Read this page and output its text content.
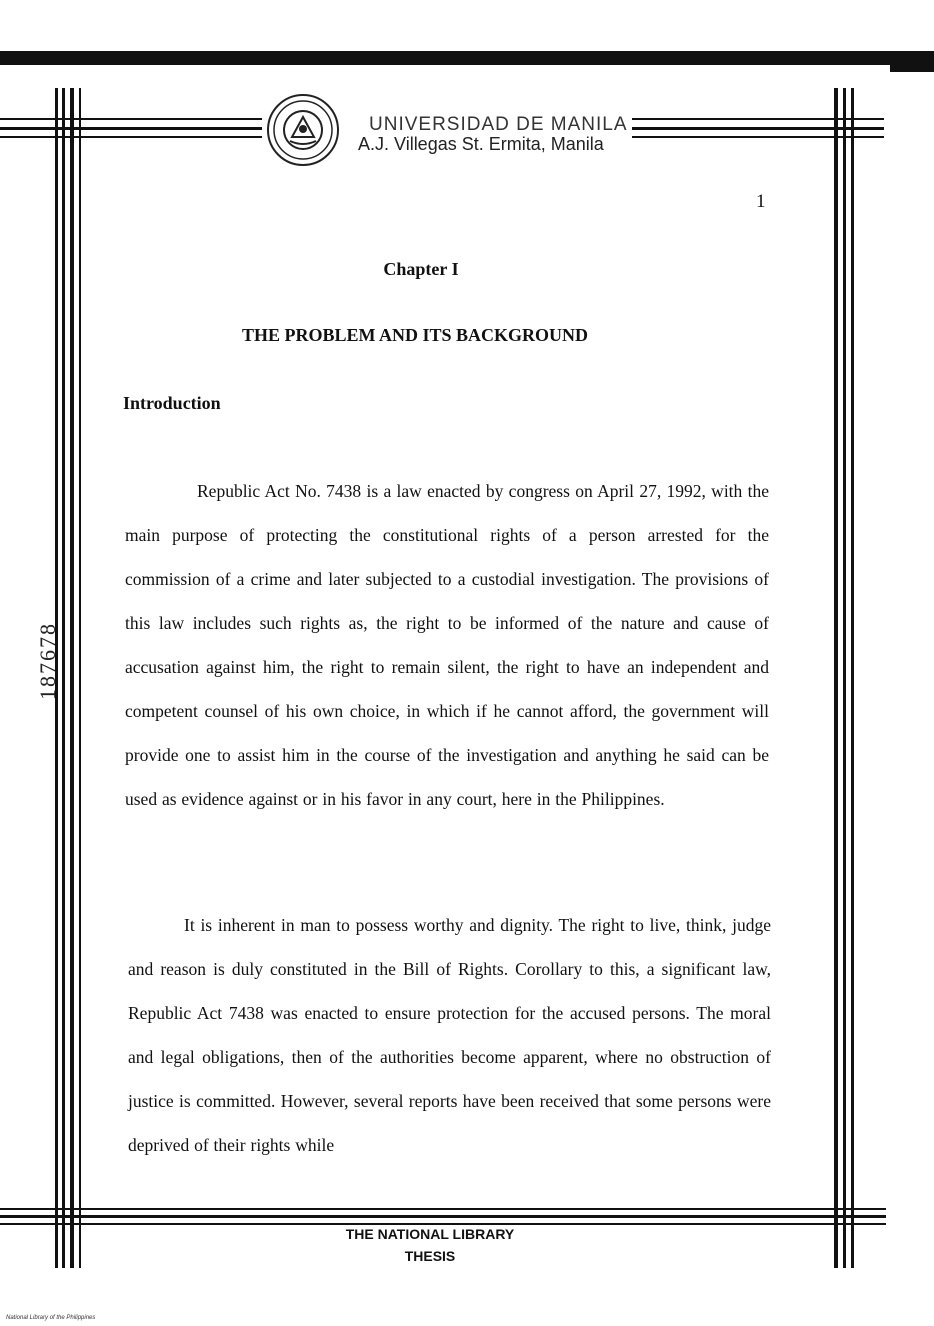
UNIVERSIDAD DE MANILA
A.J. Villegas St. Ermita, Manila
1
Chapter I
THE PROBLEM AND ITS BACKGROUND
Introduction

Republic Act No. 7438 is a law enacted by congress on April 27, 1992, with the main purpose of protecting the constitutional rights of a person arrested for the commission of a crime and later subjected to a custodial investigation. The provisions of this law includes such rights as, the right to be informed of the nature and cause of accusation against him, the right to remain silent, the right to have an independent and competent counsel of his own choice, in which if he cannot afford, the government will provide one to assist him in the course of the investigation and anything he said can be used as evidence against or in his favor in any court, here in the Philippines.

It is inherent in man to possess worthy and dignity. The right to live, think, judge and reason is duly constituted in the Bill of Rights. Corollary to this, a significant law, Republic Act 7438 was enacted to ensure protection for the accused persons. The moral and legal obligations, then of the authorities become apparent, where no obstruction of justice is committed. However, several reports have been received that some persons were deprived of their rights while

187678
THE NATIONAL LIBRARY
THESIS
National Library of the Philippines
